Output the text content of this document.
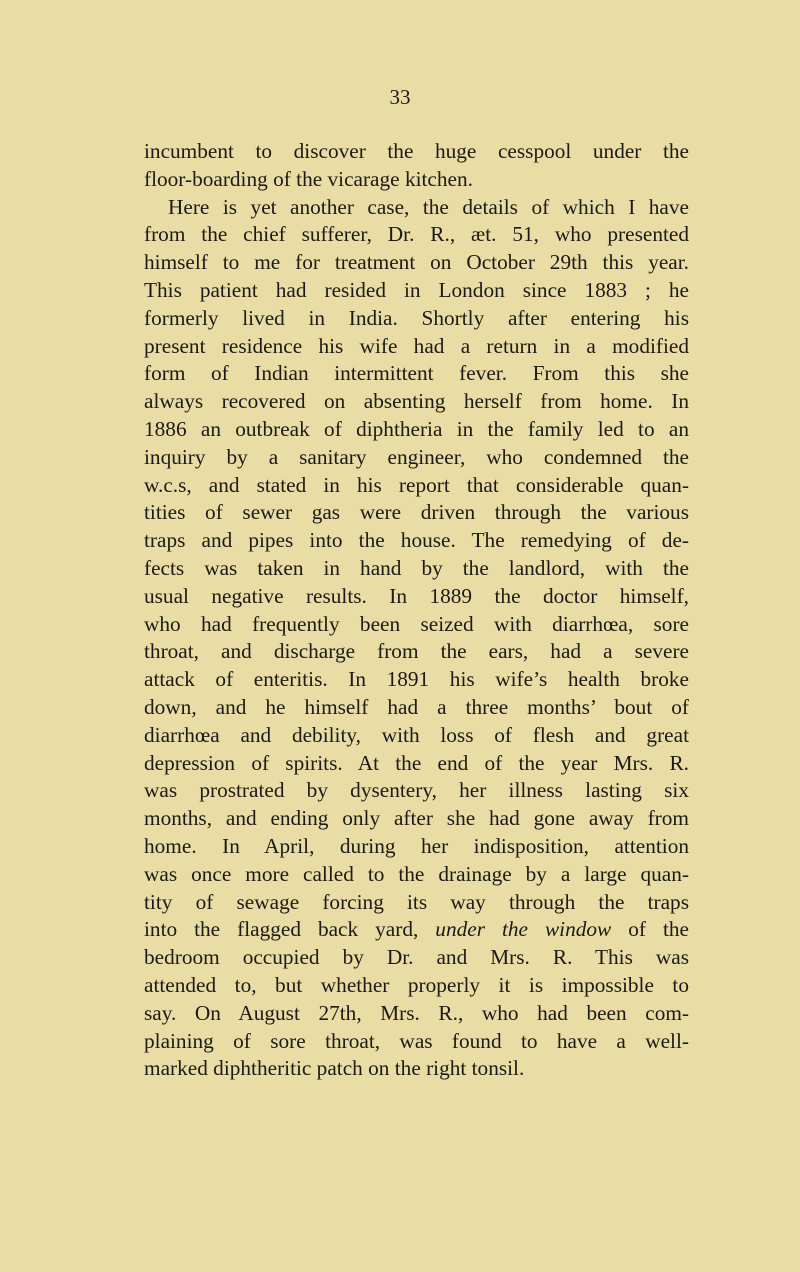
33
incumbent to discover the huge cesspool under the
floor-boarding of the vicarage kitchen.
Here is yet another case, the details of which I have
from the chief sufferer, Dr. R., æt. 51, who presented
himself to me for treatment on October 29th this year.
This patient had resided in London since 1883 ; he
formerly lived in India. Shortly after entering his
present residence his wife had a return in a modified
form of Indian intermittent fever. From this she
always recovered on absenting herself from home. In
1886 an outbreak of diphtheria in the family led to an
inquiry by a sanitary engineer, who condemned the
w.c.s, and stated in his report that considerable quan-
tities of sewer gas were driven through the various
traps and pipes into the house. The remedying of de-
fects was taken in hand by the landlord, with the
usual negative results. In 1889 the doctor himself,
who had frequently been seized with diarrhœa, sore
throat, and discharge from the ears, had a severe
attack of enteritis. In 1891 his wife’s health broke
down, and he himself had a three months’ bout of
diarrhœa and debility, with loss of flesh and great
depression of spirits. At the end of the year Mrs. R.
was prostrated by dysentery, her illness lasting six
months, and ending only after she had gone away from
home. In April, during her indisposition, attention
was once more called to the drainage by a large quan-
tity of sewage forcing its way through the traps
into the flagged back yard, under the window of the
bedroom occupied by Dr. and Mrs. R. This was
attended to, but whether properly it is impossible to
say. On August 27th, Mrs. R., who had been com-
plaining of sore throat, was found to have a well-
marked diphtheritic patch on the right tonsil.
